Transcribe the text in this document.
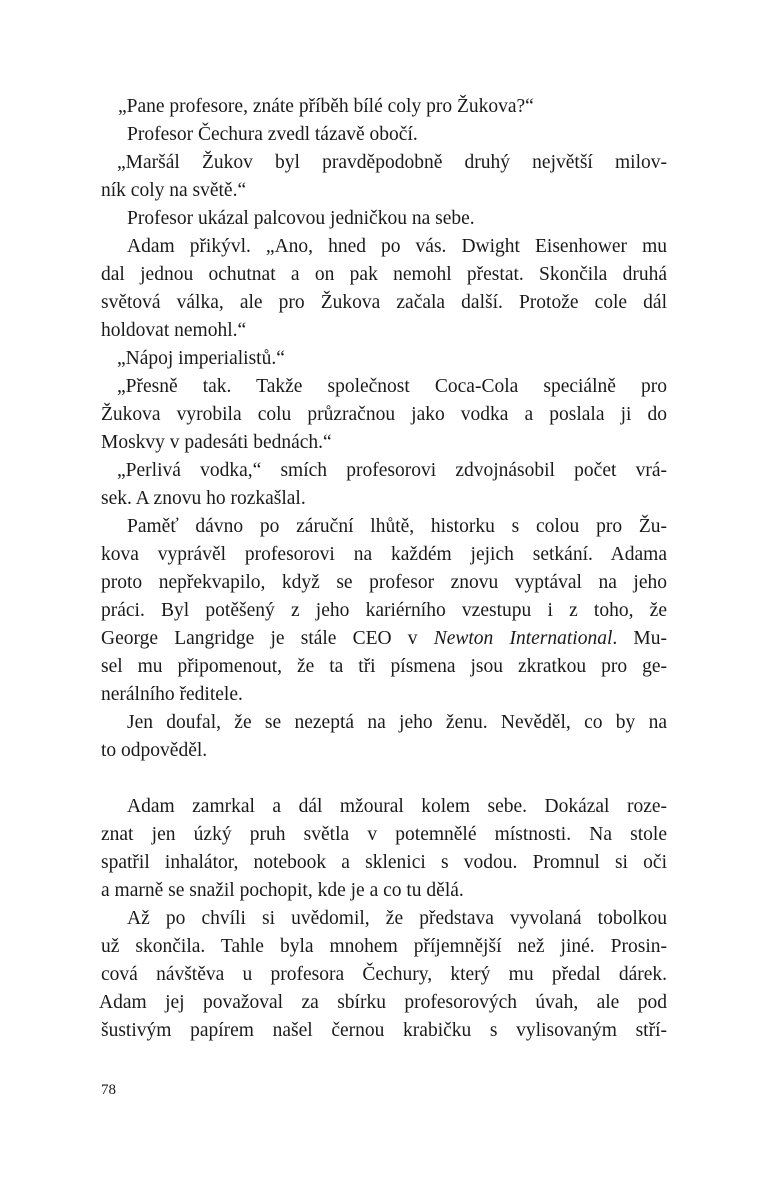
„Pane profesore, znáte příběh bílé coly pro Žukova?“
Profesor Čechura zvedl tázavě obočí.
„Maršál Žukov byl pravděpodobně druhý největší milov-
ník coly na světě.“
Profesor ukázal palcovou jedničkou na sebe.
Adam přikývl. „Ano, hned po vás. Dwight Eisenhower mu
dal jednou ochutnat a on pak nemohl přestat. Skončila druhá
světová válka, ale pro Žukova začala další. Protože cole dál
holdovat nemohl.“
„Nápoj imperialistů.“
„Přesně tak. Takže společnost Coca-Cola speciálně pro
Žukova vyrobila colu průzračnou jako vodka a poslala ji do
Moskvy v padesáti bednách.“
„Perlivá vodka,“ smích profesorovi zdvojnásobil počet vrá-
sek. A znovu ho rozkašlal.
Paměť dávno po záruční lhůtě, historku s colou pro Žu-
kova vyprávěl profesorovi na každém jejich setkání. Adama
proto nepřekvapilo, když se profesor znovu vyptával na jeho
práci. Byl potěšený z jeho kariérního vzestupu i z toho, že
George Langridge je stále CEO v Newton International. Mu-
sel mu připomenout, že ta tři písmena jsou zkratkou pro ge-
nerálního ředitele.
Jen doufal, že se nezeptá na jeho ženu. Nevěděl, co by na
to odpověděl.
Adam zamrkal a dál mžoural kolem sebe. Dokázal roze-
znat jen úzký pruh světla v potemnělé místnosti. Na stole
spatřil inhalátor, notebook a sklenici s vodou. Promnul si oči
a marně se snažil pochopit, kde je a co tu dělá.
Až po chvíli si uvědomil, že představa vyvolaná tobolkou
už skončila. Tahle byla mnohem příjemnější než jiné. Prosin-
cová návštěva u profesora Čechury, který mu předal dárek.
Adam jej považoval za sbírku profesorových úvah, ale pod
šustivým papírem našel černou krabičku s vylisovaným stří-
78
